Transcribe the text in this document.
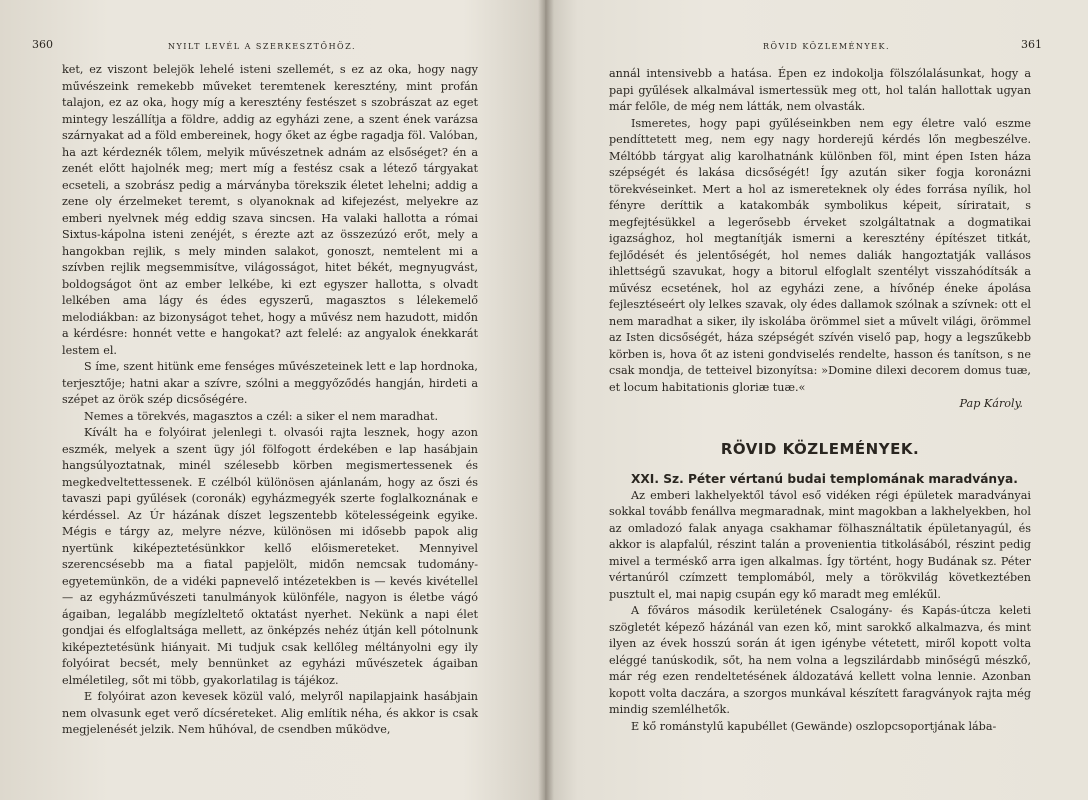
360	NYILT LEVÉL A SZERKESZTŐHÖZ.

ket, ez viszont belejök lehelé isteni szellemét, s ez az oka, hogy nagy művészeink remekebb műveket teremtenek keresztény, mint profán talajon, ez az oka, hogy míg a keresztény festészet s szobrászat az eget mintegy leszállítja a földre, addig az egyházi zene, a szent ének varázsa szárnyakat ad a föld embereinek, hogy őket az égbe ragadja föl. Valóban, ha azt kérdeznék tőlem, melyik művészetnek adnám az elsőséget? én a zenét előtt hajolnék meg; mert míg a festész csak a létező tárgyakat ecseteli, a szobrász pedig a márványba törekszik életet lehelni; addig a zene oly érzelmeket teremt, s olyanoknak ad kifejezést, melyekre az emberi nyelvnek még eddig szava sincsen. Ha valaki hallotta a római Sixtus-kápolna isteni zenéjét, s érezte azt az összezúzó erőt, mely a hangokban rejlik, s mely minden salakot, gonoszt, nemtelent mi a szívben rejlik megsemmisítve, világosságot, hitet békét, megnyugvást, boldogságot önt az ember lelkébe, ki ezt egyszer hallotta, s olvadt lelkében ama lágy és édes egyszerű, magasztos s lélekemelő melodiákban: az bizonyságot tehet, hogy a művész nem hazudott, midőn a kérdésre: honnét vette e hangokat? azt felelé: az angyalok énekkarát lestem el.

S íme, szent hitünk eme fenséges művészeteinek lett e lap hordnoka, terjesztője; hatni akar a szívre, szólni a meggyőződés hangján, hirdeti a szépet az örök szép dicsőségére.

Nemes a törekvés, magasztos a czél: a siker el nem maradhat.

Kívált ha e folyóirat jelenlegi t. olvasói rajta lesznek, hogy azon eszmék, melyek a szent ügy jól fölfogott érdekében e lap hasábjain hangsúlyoztatnak, minél szélesebb körben megismertessenek és megkedveltettessenek. E czélból különösen ajánlanám, hogy az őszi és tavaszi papi gyűlések (coronák) egyházmegyék szerte foglalkoznának e kérdéssel. Az Úr házának díszet legszentebb kötelességeink egyike. Mégis e tárgy az, melyre nézve, különösen mi idősebb papok alig nyertünk kiképeztetésünkkor kellő előismereteket. Mennyivel szerencsésebb ma a fiatal papjelölt, midőn nemcsak tudomány-egyetemünkön, de a vidéki papnevelő intézetekben is — kevés kivétellel — az egyházművészeti tanulmányok különféle, nagyon is életbe vágó ágaiban, legalább megízleltető oktatást nyerhet. Nekünk a napi élet gondjai és elfoglaltsága mellett, az önképzés nehéz útján kell pótolnunk kiképeztetésünk hiányait. Mi tudjuk csak kellőleg méltányolni egy ily folyóirat becsét, mely bennünket az egyházi művészetek ágaiban elméletileg, sőt mi több, gyakorlatilag is tájékoz.

E folyóirat azon kevesek közül való, melyről napilapjaink hasábjain nem olvasunk eget verő dícséreteket. Alig említik néha, és akkor is csak megjelenését jelzik. Nem hűhóval, de csendben működve,

RÖVID KÖZLEMÉNYEK.	361

annál intensivebb a hatása. Épen ez indokolja fölszólalásunkat, hogy a papi gyűlések alkalmával ismertessük meg ott, hol talán hallottak ugyan már felőle, de még nem látták, nem olvasták.

Ismeretes, hogy papi gyűléseinkben nem egy életre való eszme pendíttetett meg, nem egy nagy horderejű kérdés lőn megbeszélve. Méltóbb tárgyat alig karolhatnánk különben föl, mint épen Isten háza szépségét és lakása dicsőségét! Így azután siker fogja koronázni törekvéseinket. Mert a hol az ismereteknek oly édes forrása nyílik, hol fényre deríttik a katakombák symbolikus képeit, síriratait, s megfejtésükkel a legerősebb érveket szolgáltatnak a dogmatikai igazsághoz, hol megtanítják ismerni a keresztény építészet titkát, fejlődését és jelentőségét, hol nemes daliák hangoztatják vallásos ihlettségű szavukat, hogy a bitorul elfoglalt szentélyt visszahódítsák a művész ecsetének, hol az egyházi zene, a hívőnép éneke ápolása fejlesztéseért oly lelkes szavak, oly édes dallamok szólnak a szívnek: ott el nem maradhat a siker, ily iskolába örömmel siet a művelt világi, örömmel az Isten dicsőségét, háza szépségét szívén viselő pap, hogy a legszűkebb körben is, hova őt az isteni gondviselés rendelte, hasson és tanítson, s ne csak mondja, de tetteivel bizonyítsa: »Domine dilexi decorem domus tuæ, et locum habitationis gloriæ tuæ.«

Pap Károly.

RÖVID KÖZLEMÉNYEK.

XXI. Sz. Péter vértanú budai templomának maradványa.

Az emberi lakhelyektől távol eső vidéken régi épületek maradványai sokkal tovább fenállva megmaradnak, mint magokban a lakhelyekben, hol az omladozó falak anyaga csakhamar fölhasználtatik épületanyagúl, és akkor is alapfalúl, részint talán a provenientia titkolásából, részint pedig mivel a terméskő arra igen alkalmas. Így történt, hogy Budának sz. Péter vértanúról czímzett templomából, mely a törökvilág következtében pusztult el, mai napig csupán egy kő maradt meg emlékűl.

A főváros második kerületének Csalogány- és Kapás-útcza keleti szögletét képező házánál van ezen kő, mint sarokkő alkalmazva, és mint ilyen az évek hosszú során át igen igénybe vétetett, miről kopott volta eléggé tanúskodik, sőt, ha nem volna a legszilárdabb minőségű mészkő, már rég ezen rendeltetésének áldozatává kellett volna lennie. Azonban kopott volta daczára, a szorgos munkával készített faragványok rajta még mindig szemlélhetők.

E kő románstylű kapubéllet (Gewände) oszlopcsoportjának lába-
